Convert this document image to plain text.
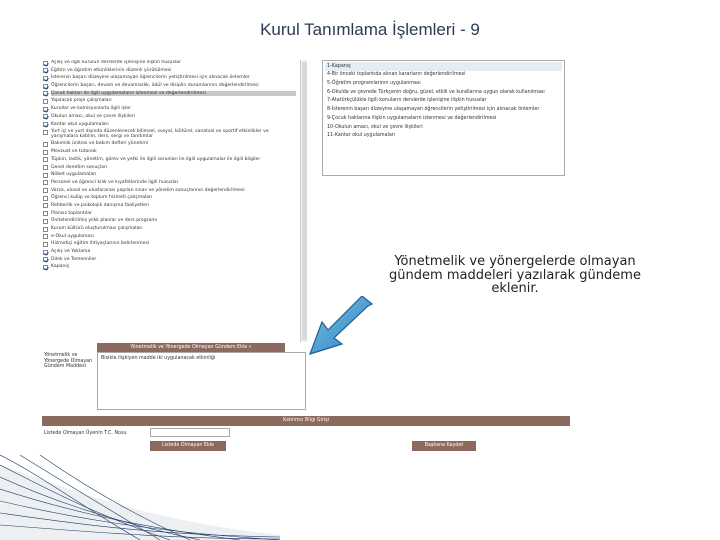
Kurul Tanımlama İşlemleri - 9
Açılış ve ilgili kurulun derslerde işlenişine ilişkin hususlar
Eğitim ve öğretim etkinliklerinin düzenli yürütülmesi
İsterenin başarı düzeyine ulaşamayan öğrencilerin yetiştirilmesi için alınacak önlemler
Öğrencilerin başarı, devam ve devamsızlık, ödül ve disiplin durumlarının değerlendirilmesi
Çocuk hakları ile ilgili uygulamaların izlenmesi ve değerlendirilmesi
Yapılacak proje çalışmaları
Kurullar ve komisyonlarla ilgili işler
Okulun amacı, okul ve çevre ilişkileri
Kantar okul uygulamaları
Yurt içi ve yurt dışında düzenlenecek bilimsel, sosyal, kültürel, sanatsal ve sportif etkinlikler ve yarışmalara katılım, ders, sergi ve tanıtımlar
Bakımlık ünitesi ve bakım defteri yönetimi
Mevzuat ve tutanak
Tüpkin, lastik, yönetim, görev ve yetki ile ilgili sorunları ile ilgili uygulamalar ile ilgili bilgiler
Genel denetim sonuçları
Nöbet uygulamaları
Personel ve öğrenci kılık ve kıyafetlerinde ilgili hususlar
Varsa, ulusal ve uluslararası yapılan sınav ve yönelim sonuçlarının değerlendirilmesi
Öğrenci kulüp ve toplum hizmeti çalışmaları
Rehberlik ve psikolojik danışma faaliyetleri
Plansız toplantılar
Ünitelendirilmiş yıllık planlar ve ders programı
Kurum kültürü oluşturulması çalışmaları
e-Okul uygulaması
Hizmetiçi eğitim ihtiyaçlarının belirlenmesi
Açılış ve Yoklama
Dilek ve Temenniler
Kapanış
1-Kapanış
4-Bir önceki toplantıda alınan kararların değerlendirilmesi
5-Öğretim programlarının uygulanması
6-Okulda ve çevrede Türkçenin doğru, güzel, etkili ve kurallarına uygun olarak kullanılması
7-Atatürkçülükle ilgili konuların derslerde işlenişine ilişkin hususlar
8-İsterenin başarı düzeyine ulaşamayan öğrencilerin yetiştirilmesi için alınacak önlemler
9-Çocuk haklarına ilişkin uygulamaların izlenmesi ve değerlendirilmesi
10-Okulun amacı, okul ve çevre ilişkileri
11-Kantar okul uygulamaları
Yönetmelik ve yönergelerde olmayan gündem maddeleri yazılarak gündeme eklenir.
Yönetmelik ve Yönergede Olmayan Gündem Ekle »
Yönetmelik ve Yönergede Olmayan Gündem Maddesi
Bisikle ilişkiyen madde iki uygulanacak etkinliği
Katılımcı Bilgi Girişi
Listede Olmayan Üyenin T.C. Nosu
Listede Olmayan Ekle	Başkana Kaydet
